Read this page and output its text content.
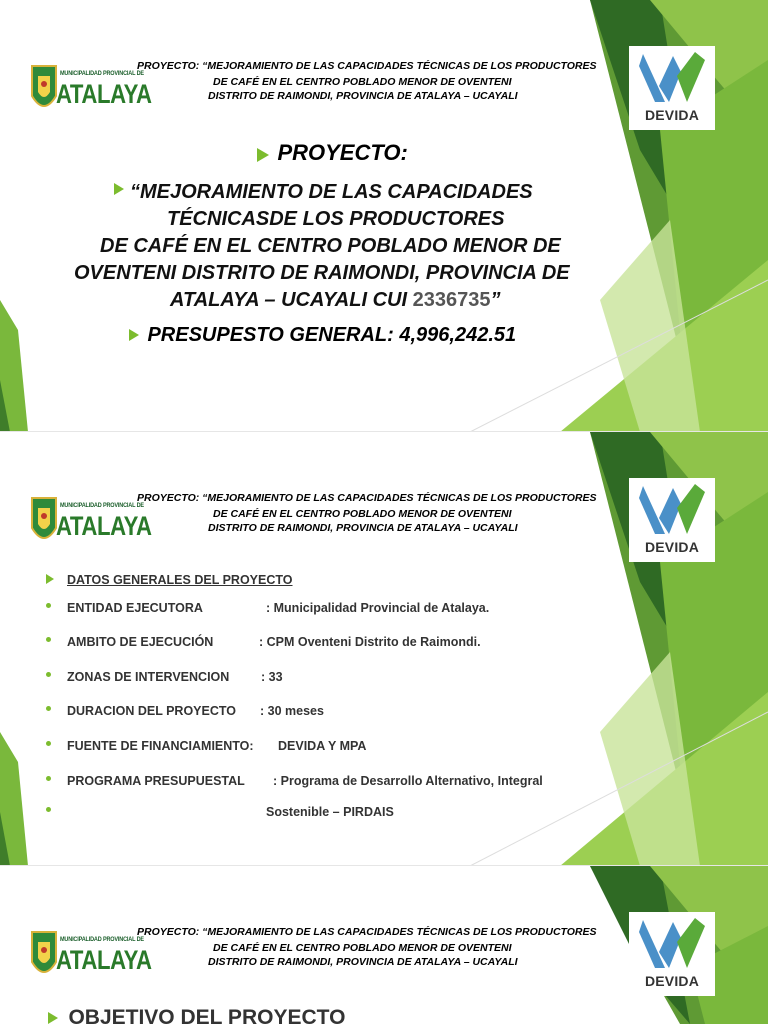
MUNICIPALIDAD PROVINCIAL DE
ATALAYA
PROYECTO: “MEJORAMIENTO DE LAS CAPACIDADES TÉCNICAS DE LOS PRODUCTORES
DE CAFÉ EN EL CENTRO POBLADO MENOR DE OVENTENI
DISTRITO DE RAIMONDI, PROVINCIA DE ATALAYA – UCAYALI
DEVIDA
PROYECTO:
“MEJORAMIENTO DE LAS CAPACIDADES
TÉCNICASDE LOS PRODUCTORES
DE CAFÉ EN EL CENTRO POBLADO MENOR DE
OVENTENI DISTRITO DE RAIMONDI, PROVINCIA DE
ATALAYA – UCAYALI CUI 2336735”
PRESUPESTO GENERAL: 4,996,242.51
MUNICIPALIDAD PROVINCIAL DE
ATALAYA
PROYECTO: “MEJORAMIENTO DE LAS CAPACIDADES TÉCNICAS DE LOS PRODUCTORES
DE CAFÉ EN EL CENTRO POBLADO MENOR DE OVENTENI
DISTRITO DE RAIMONDI, PROVINCIA DE ATALAYA – UCAYALI
DEVIDA
DATOS GENERALES DEL PROYECTO
ENTIDAD EJECUTORA	: Municipalidad Provincial de Atalaya.
AMBITO DE EJECUCIÓN	: CPM Oventeni Distrito de Raimondi.
ZONAS DE INTERVENCION	: 33
DURACION DEL PROYECTO : 30 meses
FUENTE DE FINANCIAMIENTO: DEVIDA Y MPA
PROGRAMA PRESUPUESTAL : Programa de Desarrollo Alternativo, Integral
Sostenible – PIRDAIS
MUNICIPALIDAD PROVINCIAL DE
ATALAYA
PROYECTO: “MEJORAMIENTO DE LAS CAPACIDADES TÉCNICAS DE LOS PRODUCTORES
DE CAFÉ EN EL CENTRO POBLADO MENOR DE OVENTENI
DISTRITO DE RAIMONDI, PROVINCIA DE ATALAYA – UCAYALI
DEVIDA
OBJETIVO DEL PROYECTO
